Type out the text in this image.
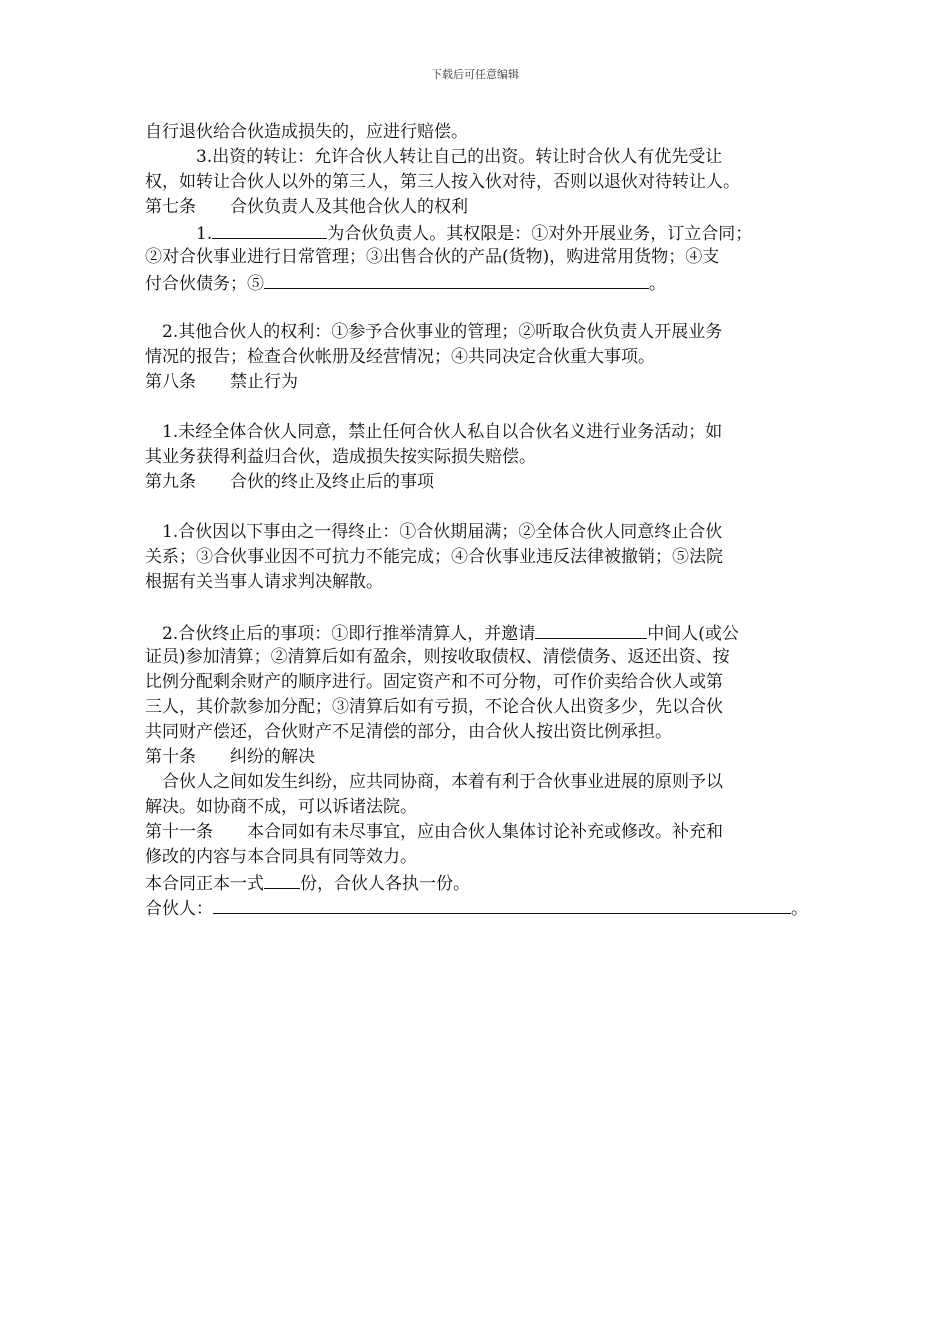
下载后可任意编辑
自行退伙给合伙造成损失的，应进行赔偿。
　　　3.出资的转让：允许合伙人转让自己的出资。转让时合伙人有优先受让
权，如转让合伙人以外的第三人，第三人按入伙对待，否则以退伙对待转让人。
第七条　　合伙负责人及其他合伙人的权利
　　　1.	为合伙负责人。其权限是：①对外开展业务，订立合同；
②对合伙事业进行日常管理；③出售合伙的产品(货物)，购进常用货物；④支
付合伙债务；⑤	。
　2.其他合伙人的权利：①参予合伙事业的管理；②听取合伙负责人开展业务
情况的报告；检查合伙帐册及经营情况；④共同决定合伙重大事项。
第八条　　禁止行为
　1.未经全体合伙人同意，禁止任何合伙人私自以合伙名义进行业务活动；如
其业务获得利益归合伙，造成损失按实际损失赔偿。
第九条　　合伙的终止及终止后的事项
　1.合伙因以下事由之一得终止：①合伙期届满；②全体合伙人同意终止合伙
关系；③合伙事业因不可抗力不能完成；④合伙事业违反法律被撤销；⑤法院
根据有关当事人请求判决解散。
　2.合伙终止后的事项：①即行推举清算人，并邀请	中间人(或公
证员)参加清算；②清算后如有盈余，则按收取债权、清偿债务、返还出资、按
比例分配剩余财产的顺序进行。固定资产和不可分物，可作价卖给合伙人或第
三人，其价款参加分配；③清算后如有亏损，不论合伙人出资多少，先以合伙
共同财产偿还，合伙财产不足清偿的部分，由合伙人按出资比例承担。
第十条　　纠纷的解决
　合伙人之间如发生纠纷，应共同协商，本着有利于合伙事业进展的原则予以
解决。如协商不成，可以诉诸法院。
第十一条　　本合同如有未尽事宜，应由合伙人集体讨论补充或修改。补充和
修改的内容与本合同具有同等效力。
本合同正本一式 份，合伙人各执一份。
合伙人：	。
